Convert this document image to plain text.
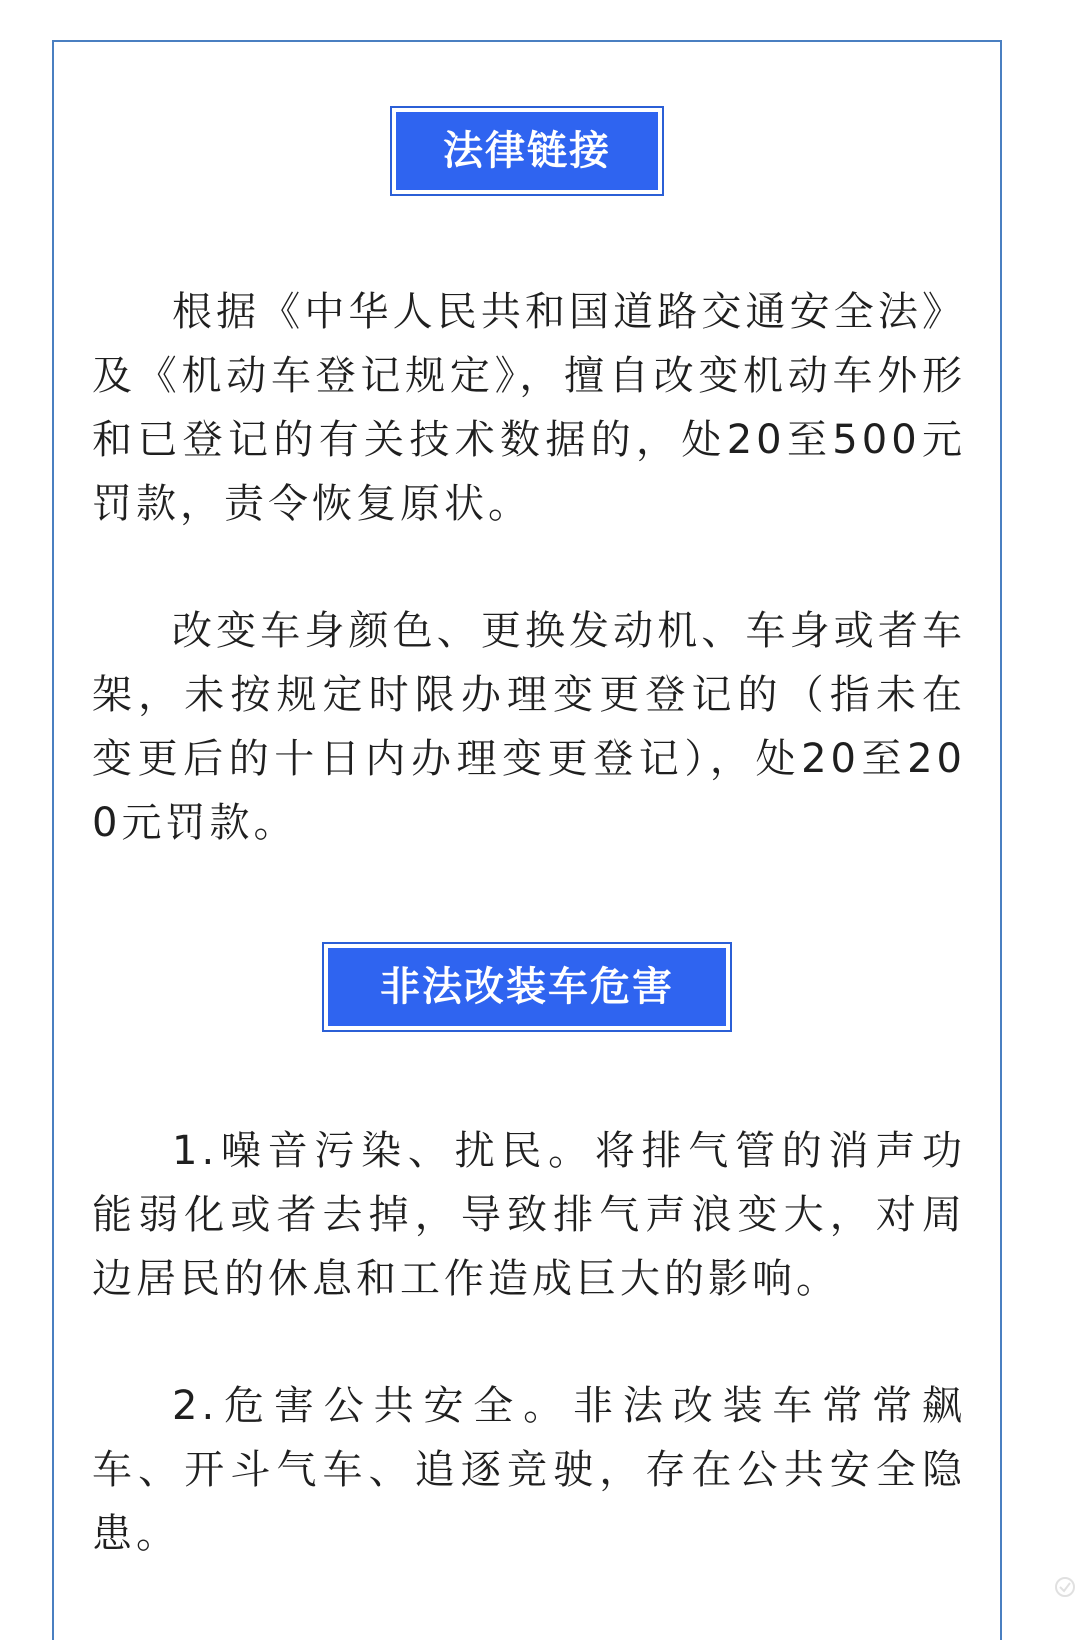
法律链接

根据《中华人民共和国道路交通安全法》及《机动车登记规定》，擅自改变机动车外形和已登记的有关技术数据的，处20至500元罚款，责令恢复原状。

改变车身颜色、更换发动机、车身或者车架，未按规定时限办理变更登记的（指未在变更后的十日内办理变更登记），处20至200元罚款。

非法改装车危害

1.噪音污染、扰民。将排气管的消声功能弱化或者去掉，导致排气声浪变大，对周边居民的休息和工作造成巨大的影响。

2.危害公共安全。非法改装车常常飙车、开斗气车、追逐竞驶，存在公共安全隐患。
